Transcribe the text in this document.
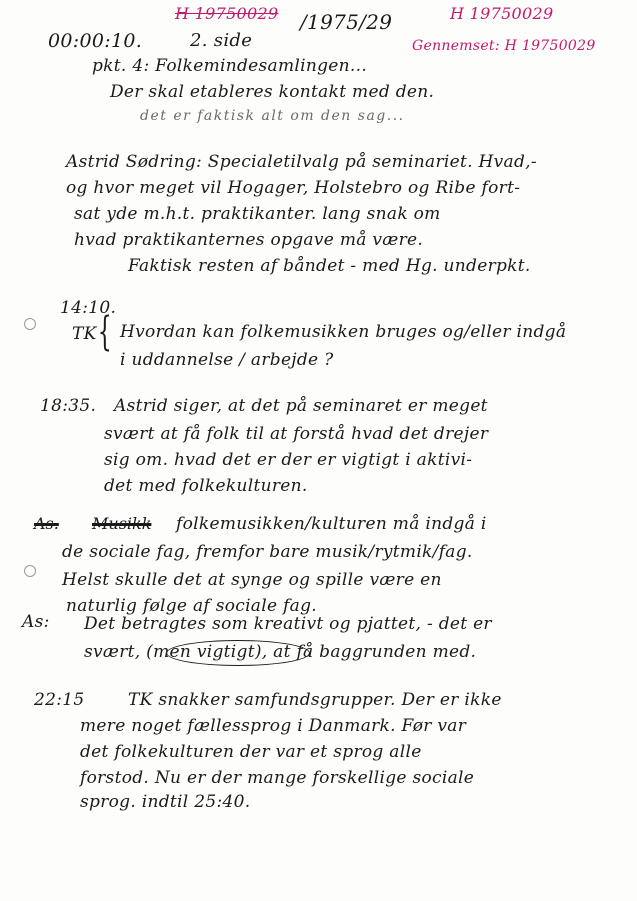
00:00:10.	2. side
H 19750029 /1975/29	H 19750029
Gennemset: H 19750029
pkt. 4: Folkemindesamlingen...
Der skal etableres kontakt med den.
det er faktisk alt om den sag...
Astrid Sødring: Specialetilvalg på seminariet. Hvad,-
og hvor meget vil Hogager, Holstebro og Ribe fort-
sat yde m.h.t. praktikanter. lang snak om
hvad praktikanternes opgave må være.
Faktisk resten af båndet - med Hg. underpkt.
14:10.
TK { Hvordan kan folkemusikken bruges og/eller indgå
i uddannelse / arbejde ?
18:35. Astrid siger, at det på seminaret er meget
svært at få folk til at forstå hvad det drejer
sig om. hvad det er der er vigtigt i aktivi-
det med folkekulturen.
As. Musikk folkemusikken/kulturen må indgå i
de sociale fag, fremfor bare musik/rytmik/fag.
Helst skulle det at synge og spille være en
naturlig følge af sociale fag.
As: Det betragtes som kreativt og pjattet, - det er
svært, (men vigtigt), at få baggrunden med.
22:15	TK snakker samfundsgrupper. Der er ikke
mere noget fællessprog i Danmark. Før var
det folkekulturen der var et sprog alle
forstod. Nu er der mange forskellige sociale
sprog. indtil 25:40.
